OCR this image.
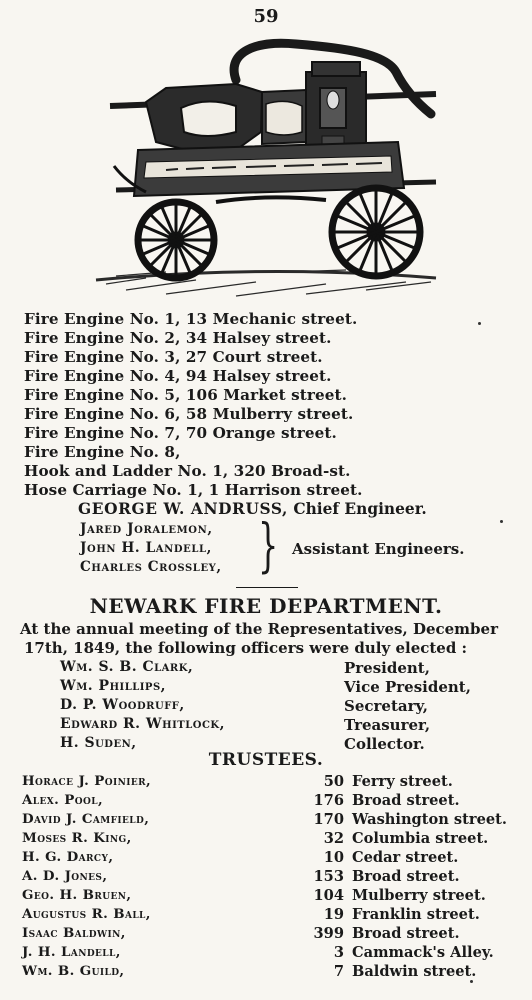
59
Fire Engine No. 1, 13 Mechanic street.
Fire Engine No. 2, 34 Halsey street.
Fire Engine No. 3, 27 Court street.
Fire Engine No. 4, 94 Halsey street.
Fire Engine No. 5, 106 Market street.
Fire Engine No. 6, 58 Mulberry street.
Fire Engine No. 7, 70 Orange street.
Fire Engine No. 8,
Hook and Ladder No. 1, 320 Broad-st.
Hose Carriage No. 1, 1 Harrison street.
GEORGE W. ANDRUSS, Chief Engineer.
Jared Joralemon,
John H. Landell,
Charles Crossley, } Assistant Engineers.
NEWARK FIRE DEPARTMENT.
At the annual meeting of the Representatives, December
17th, 1849, the following officers were duly elected :
Wm. S. B. Clark,	President,
Wm. Phillips,	Vice President,
D. P. Woodruff,	Secretary,
Edward R. Whitlock,	Treasurer,
H. Suden,	Collector.
TRUSTEES.
Horace J. Poinier,	50 Ferry street.
Alex. Pool,	176 Broad street.
David J. Camfield,	170 Washington street.
Moses R. King,	32 Columbia street.
H. G. Darcy,	10 Cedar street.
A. D. Jones,	153 Broad street.
Geo. H. Bruen,	104 Mulberry street.
Augustus R. Ball,	19 Franklin street.
Isaac Baldwin,	399 Broad street.
J. H. Landell,	3 Cammack's Alley.
Wm. B. Guild,	7 Baldwin street.
